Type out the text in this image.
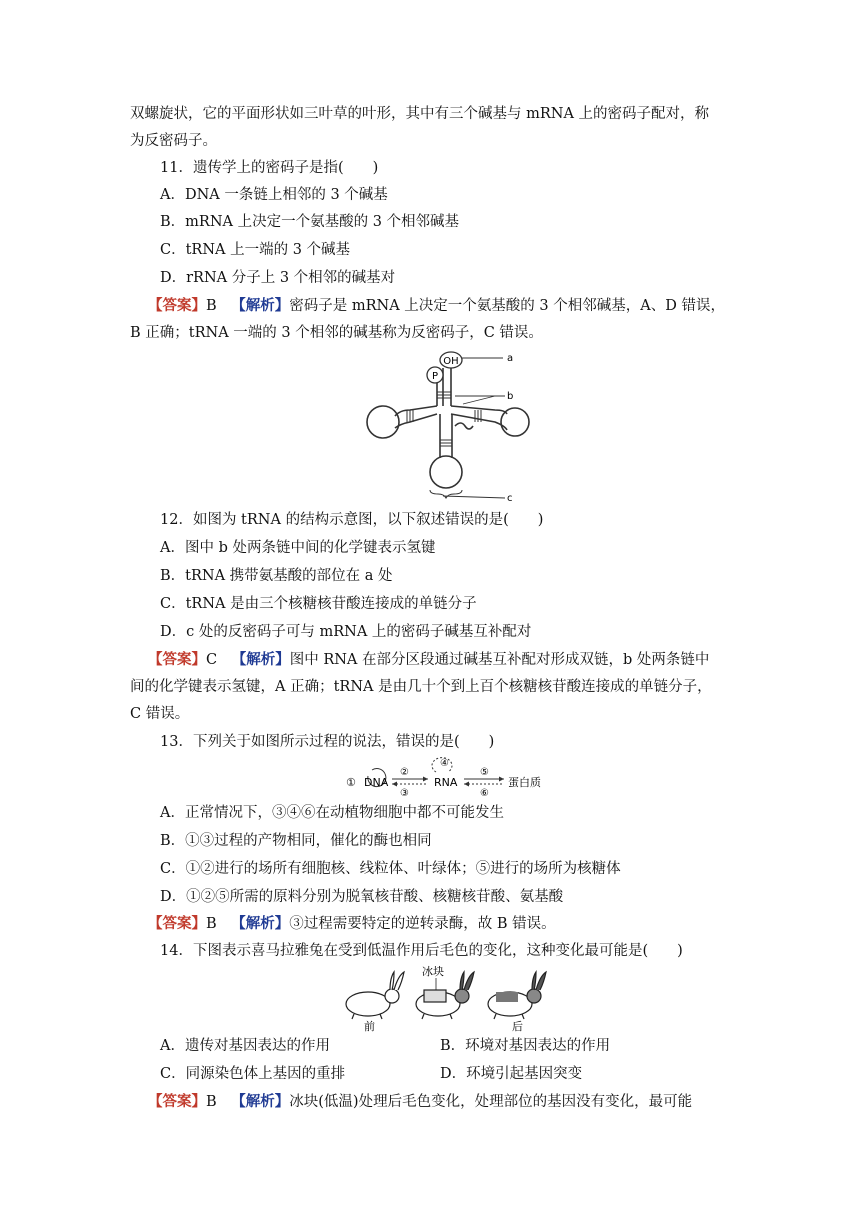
双螺旋状，它的平面形状如三叶草的叶形，其中有三个碱基与 mRNA 上的密码子配对，称
为反密码子。
11．遗传学上的密码子是指(　　)
A．DNA 一条链上相邻的 3 个碱基
B．mRNA 上决定一个氨基酸的 3 个相邻碱基
C．tRNA 上一端的 3 个碱基
D．rRNA 分子上 3 个相邻的碱基对
【答案】B 【解析】密码子是 mRNA 上决定一个氨基酸的 3 个相邻碱基，A、D 错误，
B 正确；tRNA 一端的 3 个相邻的碱基称为反密码子，C 错误。
OH
P
a
b
c
12．如图为 tRNA 的结构示意图，以下叙述错误的是(　　)
A．图中 b 处两条链中间的化学键表示氢键
B．tRNA 携带氨基酸的部位在 a 处
C．tRNA 是由三个核糖核苷酸连接成的单链分子
D．c 处的反密码子可与 mRNA 上的密码子碱基互补配对
【答案】C 【解析】图中 RNA 在部分区段通过碱基互补配对形成双链，b 处两条链中
间的化学键表示氢键，A 正确；tRNA 是由几十个到上百个核糖核苷酸连接成的单链分子，
C 错误。
13．下列关于如图所示过程的说法，错误的是(　　)
① DNA
②
③
④
RNA
⑤
⑥
蛋白质
A．正常情况下，③④⑥在动植物细胞中都不可能发生
B．①③过程的产物相同，催化的酶也相同
C．①②进行的场所有细胞核、线粒体、叶绿体；⑤进行的场所为核糖体
D．①②⑤所需的原料分别为脱氧核苷酸、核糖核苷酸、氨基酸
【答案】B 【解析】③过程需要特定的逆转录酶，故 B 错误。
14．下图表示喜马拉雅兔在受到低温作用后毛色的变化，这种变化最可能是(　　)
前
冰块
后
A．遗传对基因表达的作用	B．环境对基因表达的作用
C．同源染色体上基因的重排	D．环境引起基因突变
【答案】B 【解析】冰块(低温)处理后毛色变化，处理部位的基因没有变化，最可能
